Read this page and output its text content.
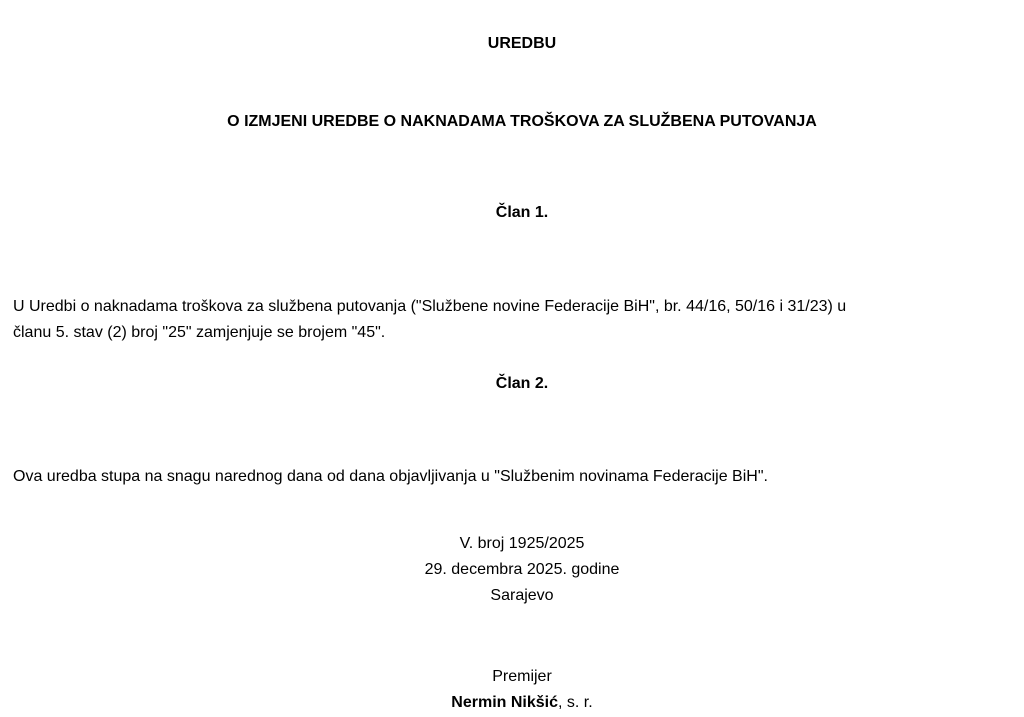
UREDBU

O IZMJENI UREDBE O NAKNADAMA TROŠKOVA ZA SLUŽBENA PUTOVANJA

Član 1.

U Uredbi o naknadama troškova za službena putovanja ("Službene novine Federacije BiH", br. 44/16, 50/16 i 31/23) u

članu 5. stav (2) broj "25" zamjenjuje se brojem "45".

Član 2.

Ova uredba stupa na snagu narednog dana od dana objavljivanja u "Službenim novinama Federacije BiH".

V. broj 1925/2025

29. decembra 2025. godine

Sarajevo

Premijer

Nermin Nikšić, s. r.
